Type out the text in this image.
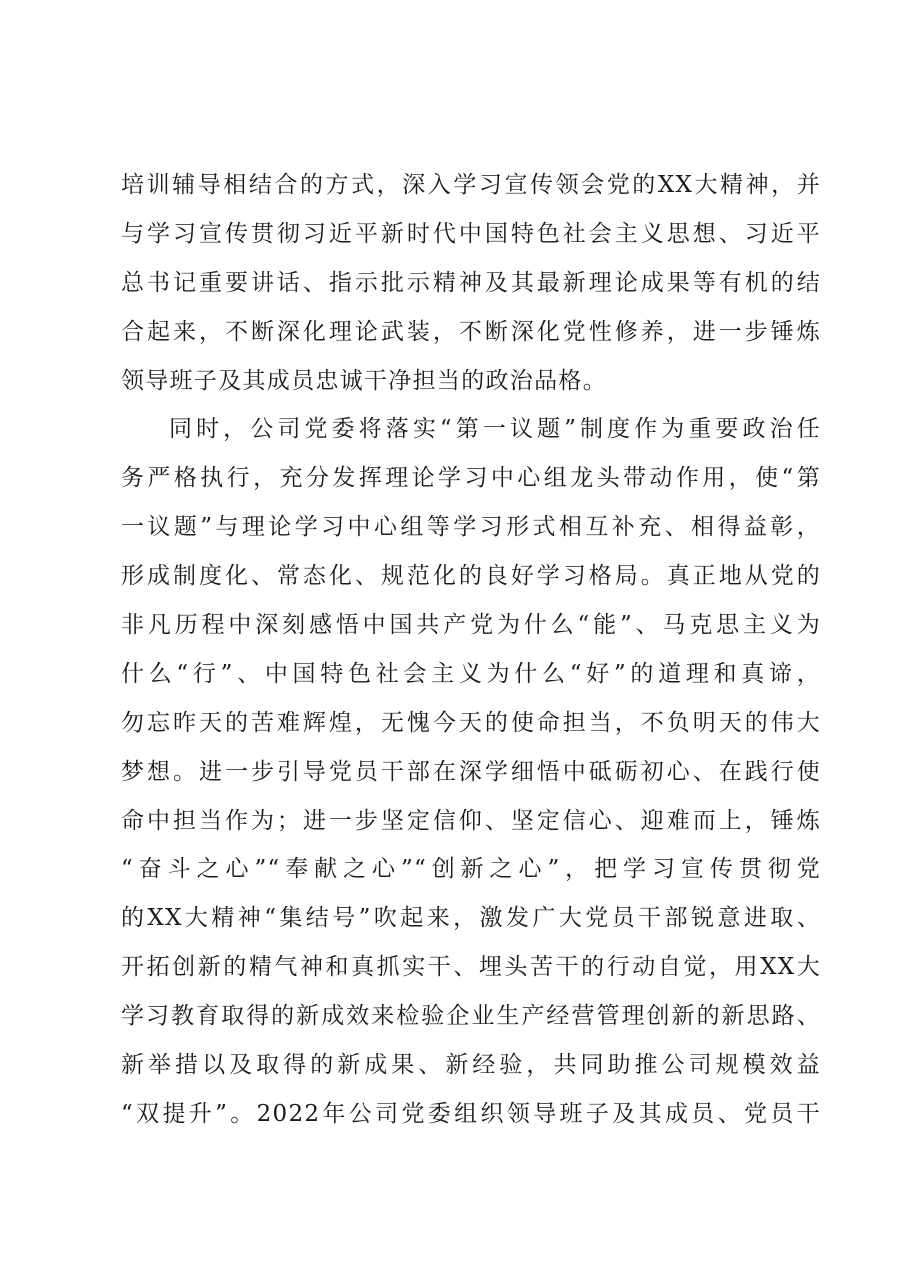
培训辅导相结合的方式，深入学习宣传领会党的XX大精神，并
与学习宣传贯彻习近平新时代中国特色社会主义思想、习近平
总书记重要讲话、指示批示精神及其最新理论成果等有机的结
合起来，不断深化理论武装，不断深化党性修养，进一步锤炼
领导班子及其成员忠诚干净担当的政治品格。
同时，公司党委将落实“第一议题”制度作为重要政治任
务严格执行，充分发挥理论学习中心组龙头带动作用，使“第
一议题”与理论学习中心组等学习形式相互补充、相得益彰，
形成制度化、常态化、规范化的良好学习格局。真正地从党的
非凡历程中深刻感悟中国共产党为什么“能”、马克思主义为
什么“行”、中国特色社会主义为什么“好”的道理和真谛，
勿忘昨天的苦难辉煌，无愧今天的使命担当，不负明天的伟大
梦想。进一步引导党员干部在深学细悟中砥砺初心、在践行使
命中担当作为；进一步坚定信仰、坚定信心、迎难而上，锤炼
“奋斗之心”“奉献之心”“创新之心”，把学习宣传贯彻党
的XX大精神“集结号”吹起来，激发广大党员干部锐意进取、
开拓创新的精气神和真抓实干、埋头苦干的行动自觉，用XX大
学习教育取得的新成效来检验企业生产经营管理创新的新思路、
新举措以及取得的新成果、新经验，共同助推公司规模效益
“双提升”。2022年公司党委组织领导班子及其成员、党员干
